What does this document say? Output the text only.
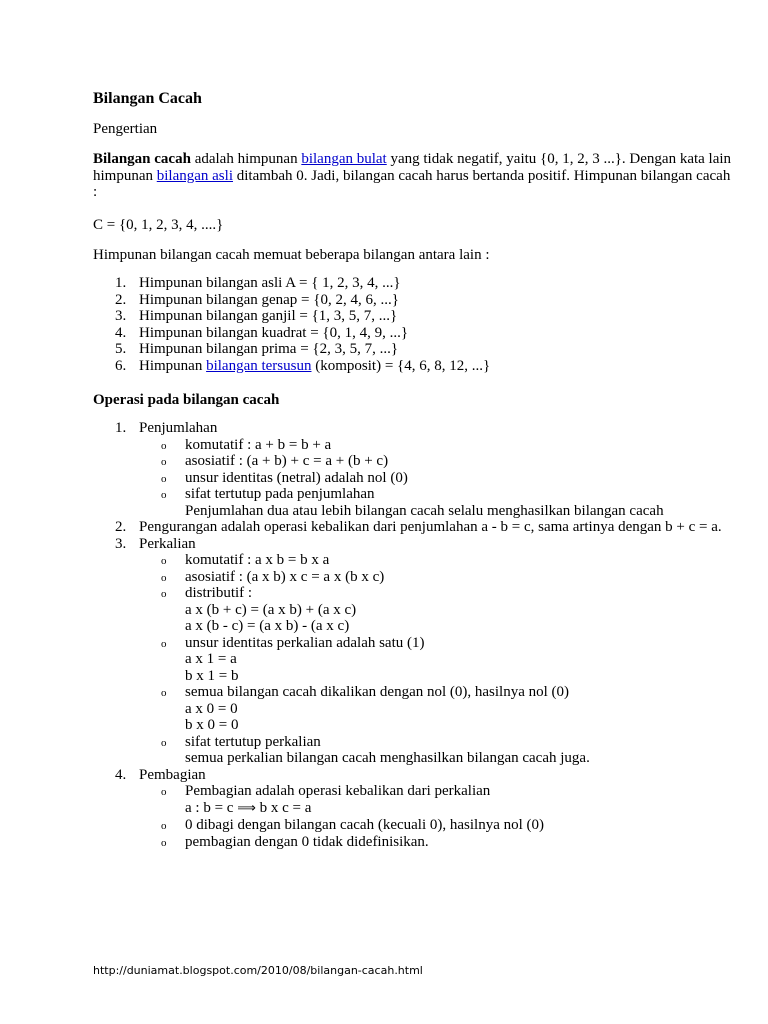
Bilangan Cacah

Pengertian

Bilangan cacah adalah himpunan bilangan bulat yang tidak negatif, yaitu {0, 1, 2, 3 ...}. Dengan kata lain himpunan bilangan asli ditambah 0. Jadi, bilangan cacah harus bertanda positif. Himpunan bilangan cacah :

C = {0, 1, 2, 3, 4, ....}

Himpunan bilangan cacah memuat beberapa bilangan antara lain :

1. Himpunan bilangan asli A = { 1, 2, 3, 4, ...}
2. Himpunan bilangan genap = {0, 2, 4, 6, ...}
3. Himpunan bilangan ganjil = {1, 3, 5, 7, ...}
4. Himpunan bilangan kuadrat = {0, 1, 4, 9, ...}
5. Himpunan bilangan prima = {2, 3, 5, 7, ...}
6. Himpunan bilangan tersusun (komposit) = {4, 6, 8, 12, ...}

Operasi pada bilangan cacah

1. Penjumlahan
o komutatif : a + b = b + a
o asosiatif : (a + b) + c = a + (b + c)
o unsur identitas (netral) adalah nol (0)
o sifat tertutup pada penjumlahan
Penjumlahan dua atau lebih bilangan cacah selalu menghasilkan bilangan cacah
2. Pengurangan adalah operasi kebalikan dari penjumlahan a - b = c, sama artinya dengan b + c = a.
3. Perkalian
o komutatif : a x b = b x a
o asosiatif : (a x b) x c = a x (b x c)
o distributif :
a x (b + c) = (a x b) + (a x c)
a x (b - c) = (a x b) - (a x c)
o unsur identitas perkalian adalah satu (1)
a x 1 = a
b x 1 = b
o semua bilangan cacah dikalikan dengan nol (0), hasilnya nol (0)
a x 0 = 0
b x 0 = 0
o sifat tertutup perkalian
semua perkalian bilangan cacah menghasilkan bilangan cacah juga.
4. Pembagian
o Pembagian adalah operasi kebalikan dari perkalian
a : b = c ⟹ b x c = a
o 0 dibagi dengan bilangan cacah (kecuali 0), hasilnya nol (0)
o pembagian dengan 0 tidak didefinisikan.
http://duniamat.blogspot.com/2010/08/bilangan-cacah.html
